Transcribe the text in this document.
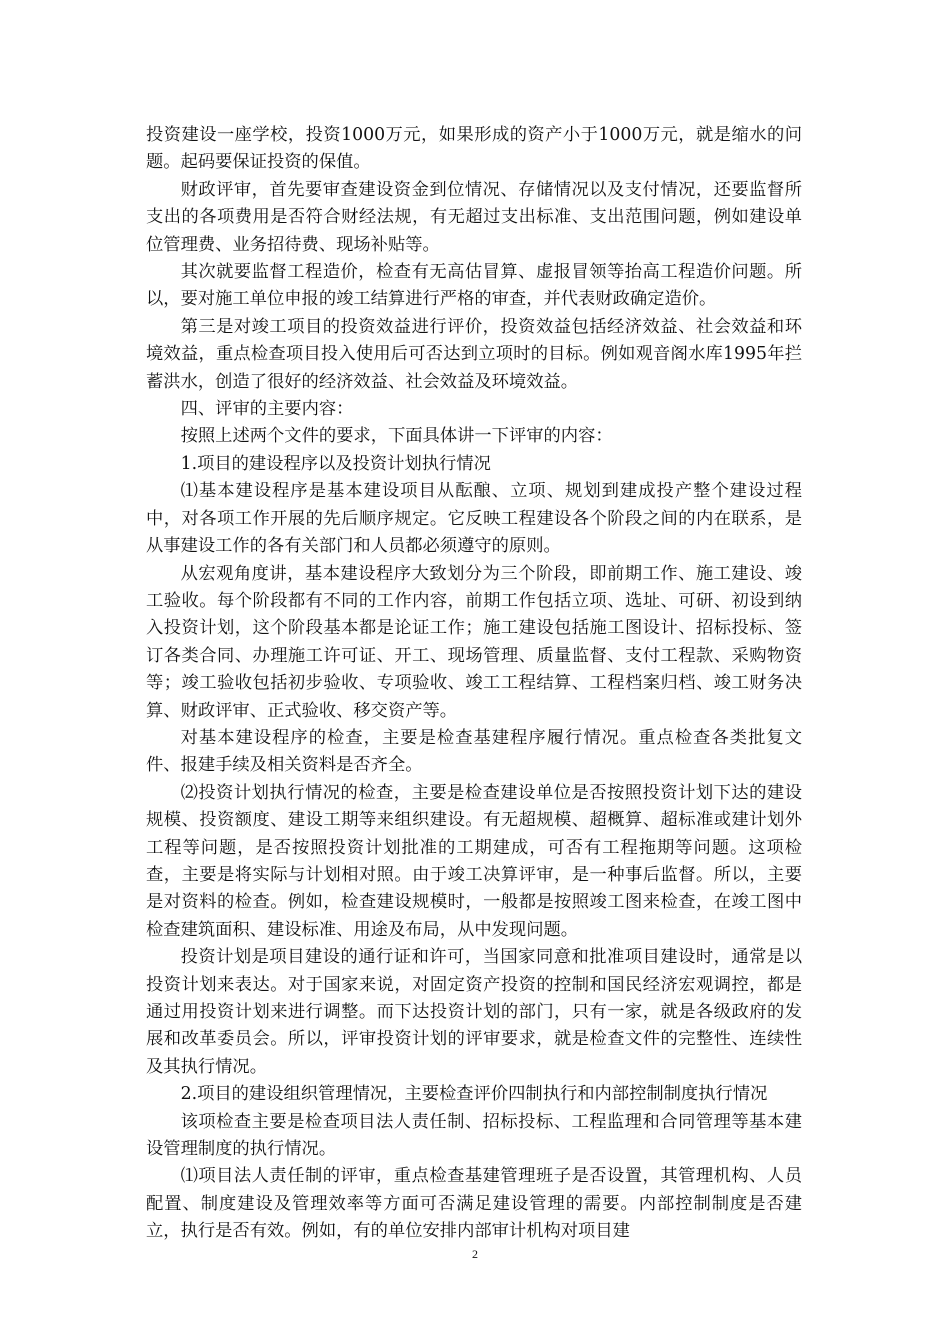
投资建设一座学校，投资1000万元，如果形成的资产小于1000万元，就是缩水的问题。起码要保证投资的保值。

财政评审，首先要审查建设资金到位情况、存储情况以及支付情况，还要监督所支出的各项费用是否符合财经法规，有无超过支出标准、支出范围问题，例如建设单位管理费、业务招待费、现场补贴等。

其次就要监督工程造价，检查有无高估冒算、虚报冒领等抬高工程造价问题。所以，要对施工单位申报的竣工结算进行严格的审查，并代表财政确定造价。

第三是对竣工项目的投资效益进行评价，投资效益包括经济效益、社会效益和环境效益，重点检查项目投入使用后可否达到立项时的目标。例如观音阁水库1995年拦蓄洪水，创造了很好的经济效益、社会效益及环境效益。

四、评审的主要内容：

按照上述两个文件的要求，下面具体讲一下评审的内容：

1.项目的建设程序以及投资计划执行情况

⑴基本建设程序是基本建设项目从酝酿、立项、规划到建成投产整个建设过程中，对各项工作开展的先后顺序规定。它反映工程建设各个阶段之间的内在联系，是从事建设工作的各有关部门和人员都必须遵守的原则。

从宏观角度讲，基本建设程序大致划分为三个阶段，即前期工作、施工建设、竣工验收。每个阶段都有不同的工作内容，前期工作包括立项、选址、可研、初设到纳入投资计划，这个阶段基本都是论证工作；施工建设包括施工图设计、招标投标、签订各类合同、办理施工许可证、开工、现场管理、质量监督、支付工程款、采购物资等；竣工验收包括初步验收、专项验收、竣工工程结算、工程档案归档、竣工财务决算、财政评审、正式验收、移交资产等。

对基本建设程序的检查，主要是检查基建程序履行情况。重点检查各类批复文件、报建手续及相关资料是否齐全。

⑵投资计划执行情况的检查，主要是检查建设单位是否按照投资计划下达的建设规模、投资额度、建设工期等来组织建设。有无超规模、超概算、超标准或建计划外工程等问题，是否按照投资计划批准的工期建成，可否有工程拖期等问题。这项检查，主要是将实际与计划相对照。由于竣工决算评审，是一种事后监督。所以，主要是对资料的检查。例如，检查建设规模时，一般都是按照竣工图来检查，在竣工图中检查建筑面积、建设标准、用途及布局，从中发现问题。

投资计划是项目建设的通行证和许可，当国家同意和批准项目建设时，通常是以投资计划来表达。对于国家来说，对固定资产投资的控制和国民经济宏观调控，都是通过用投资计划来进行调整。而下达投资计划的部门，只有一家，就是各级政府的发展和改革委员会。所以，评审投资计划的评审要求，就是检查文件的完整性、连续性及其执行情况。

2.项目的建设组织管理情况，主要检查评价四制执行和内部控制制度执行情况

该项检查主要是检查项目法人责任制、招标投标、工程监理和合同管理等基本建设管理制度的执行情况。

⑴项目法人责任制的评审，重点检查基建管理班子是否设置，其管理机构、人员配置、制度建设及管理效率等方面可否满足建设管理的需要。内部控制制度是否建立，执行是否有效。例如，有的单位安排内部审计机构对项目建

2
